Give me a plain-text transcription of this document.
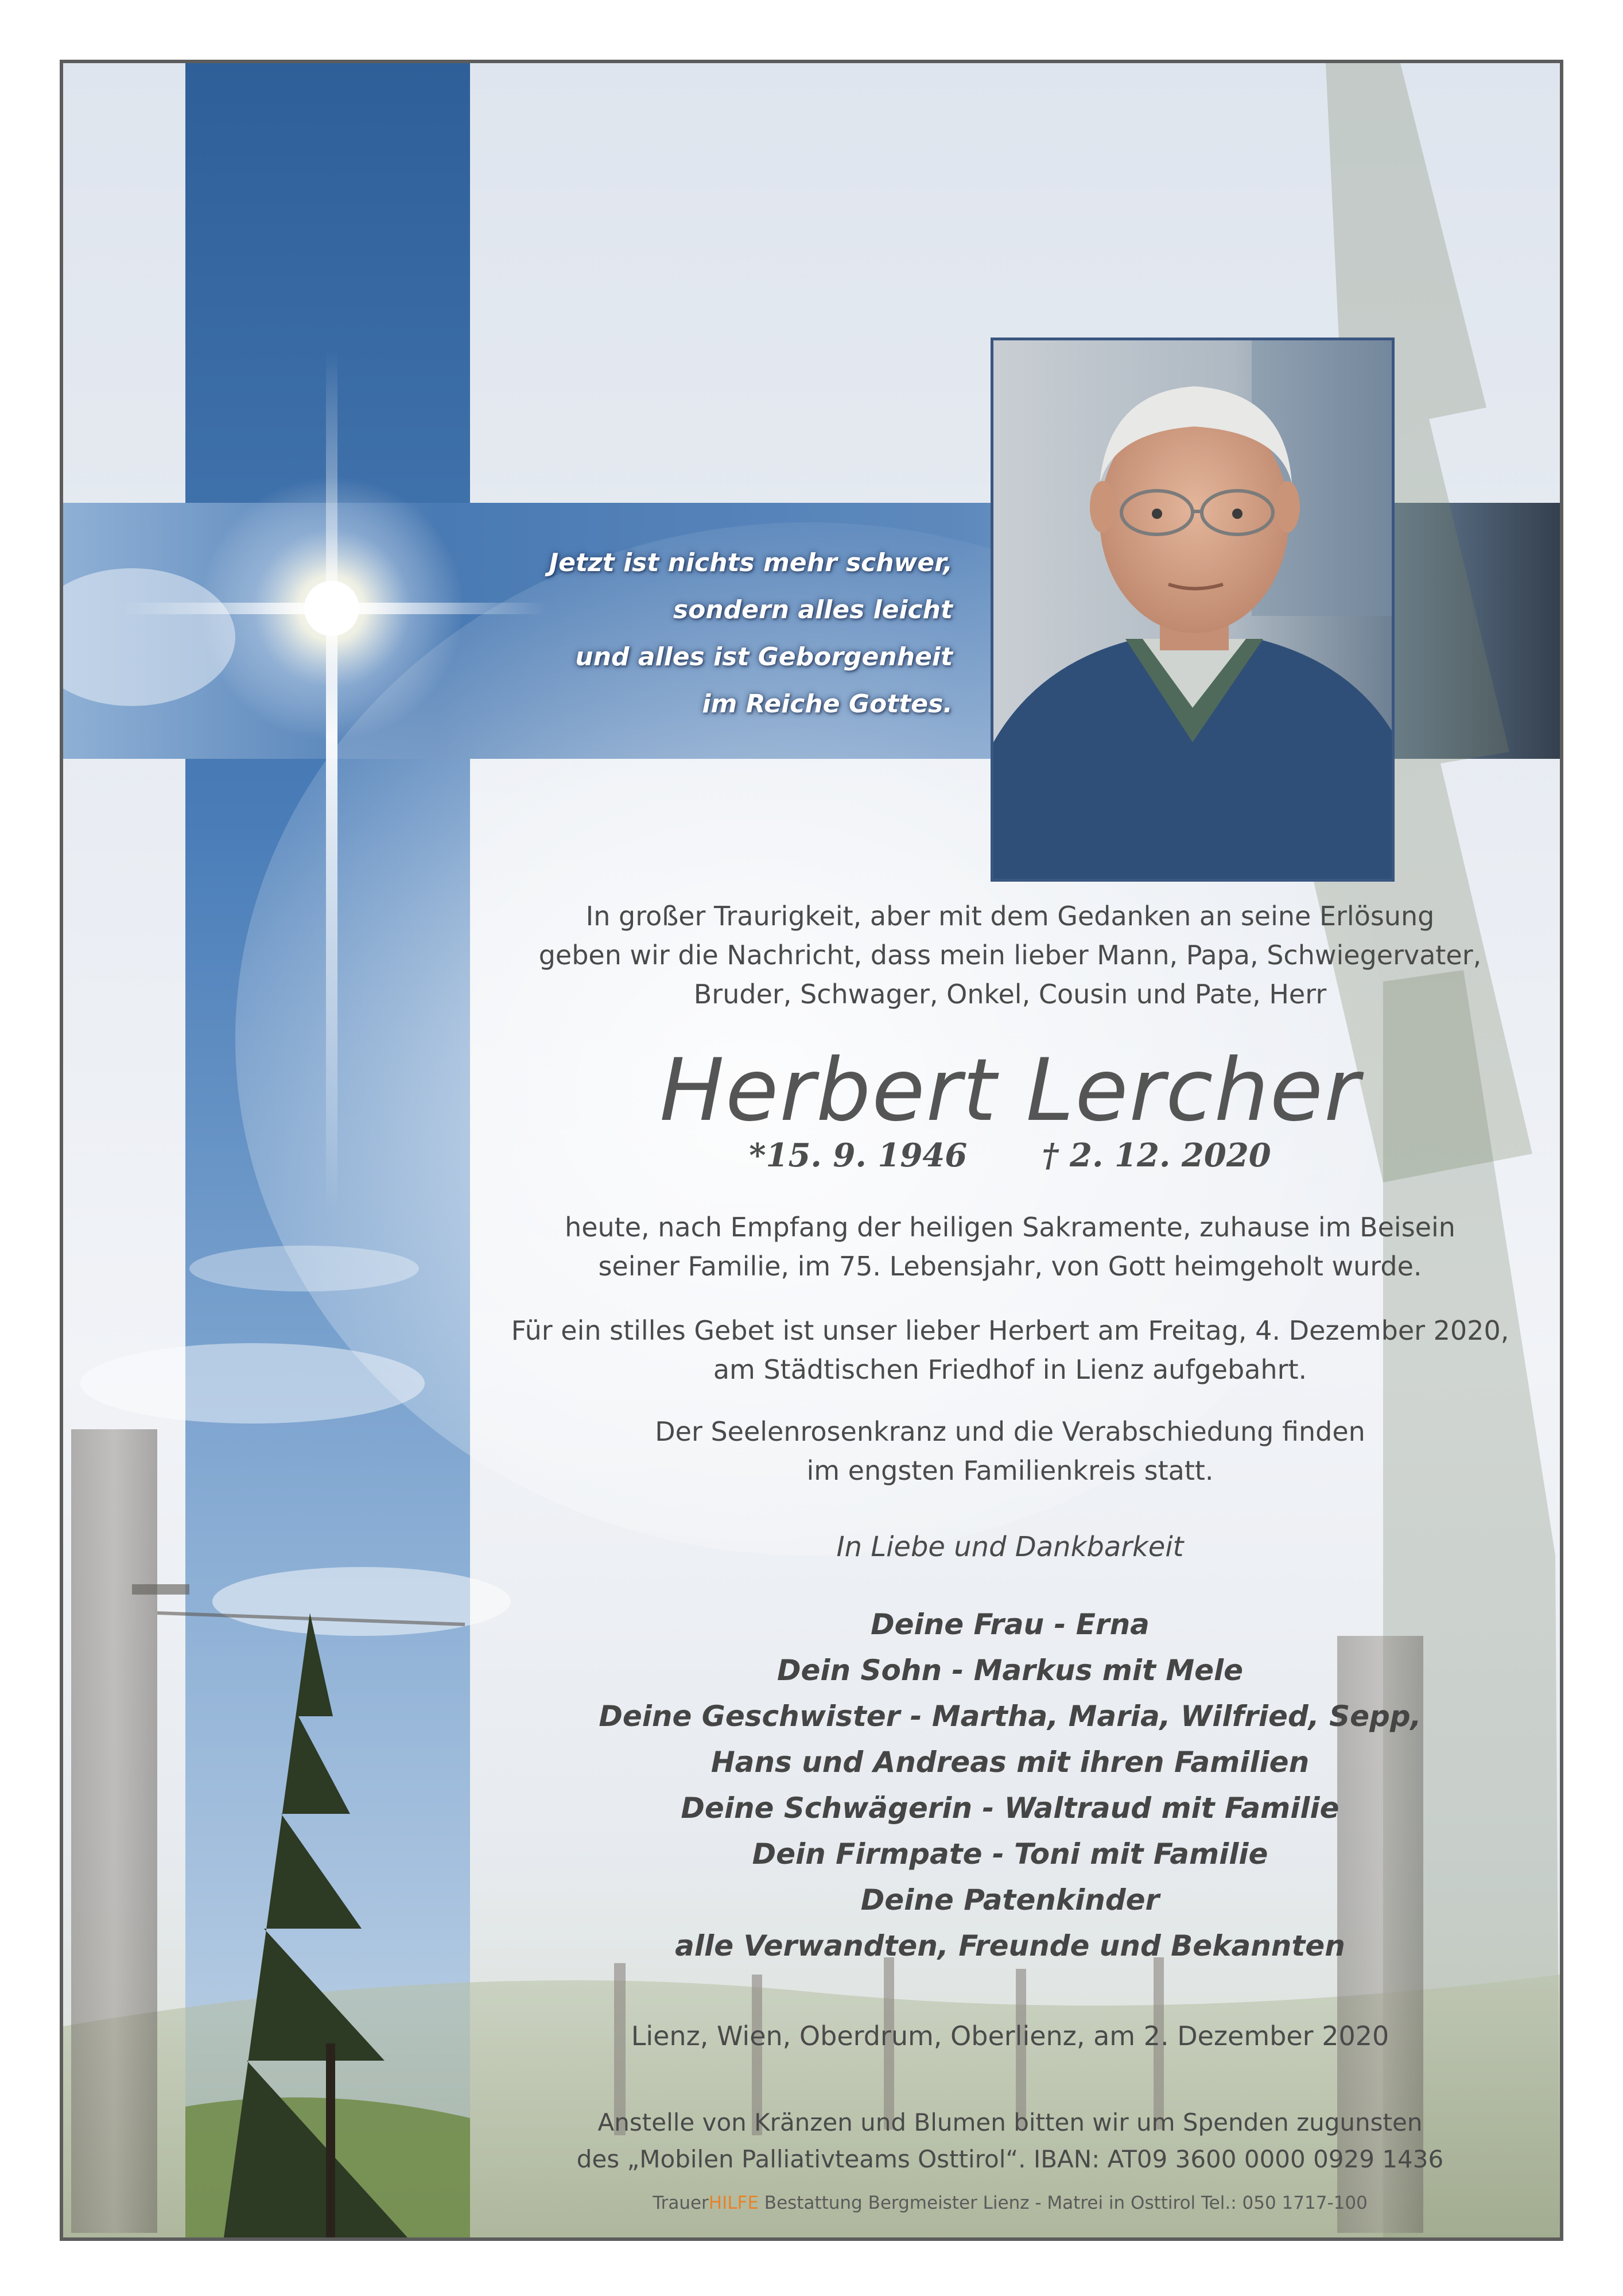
Jetzt ist nichts mehr schwer,
sondern alles leicht
und alles ist Geborgenheit
im Reiche Gottes.
In großer Traurigkeit, aber mit dem Gedanken an seine Erlösung
geben wir die Nachricht, dass mein lieber Mann, Papa, Schwiegervater,
Bruder, Schwager, Onkel, Cousin und Pate, Herr
Herbert Lercher
*15. 9. 1946 † 2. 12. 2020
heute, nach Empfang der heiligen Sakramente, zuhause im Beisein
seiner Familie, im 75. Lebensjahr, von Gott heimgeholt wurde.
Für ein stilles Gebet ist unser lieber Herbert am Freitag, 4. Dezember 2020,
am Städtischen Friedhof in Lienz aufgebahrt.
Der Seelenrosenkranz und die Verabschiedung finden
im engsten Familienkreis statt.
In Liebe und Dankbarkeit
Deine Frau - Erna
Dein Sohn - Markus mit Mele
Deine Geschwister - Martha, Maria, Wilfried, Sepp,
Hans und Andreas mit ihren Familien
Deine Schwägerin - Waltraud mit Familie
Dein Firmpate - Toni mit Familie
Deine Patenkinder
alle Verwandten, Freunde und Bekannten
Lienz, Wien, Oberdrum, Oberlienz, am 2. Dezember 2020
Anstelle von Kränzen und Blumen bitten wir um Spenden zugunsten
des „Mobilen Palliativteams Osttirol“. IBAN: AT09 3600 0000 0929 1436
TrauerHILFE Bestattung Bergmeister Lienz - Matrei in Osttirol Tel.: 050 1717-100
